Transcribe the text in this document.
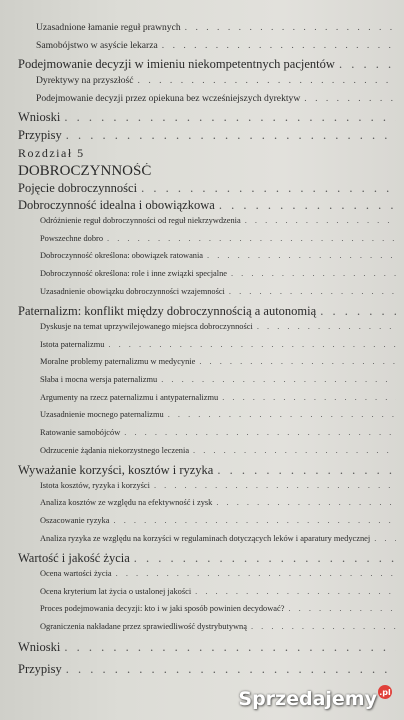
Uzasadnione łamanie reguł prawnych
. . .
Samobójstwo w asyście lekarza
. . .
Podejmowanie decyzji w imieniu niekompetentnych pacjentów
. . .
Dyrektywy na przyszłość
. . .
Podejmowanie decyzji przez opiekuna bez wcześniejszych dyrektyw
. . .
Wnioski
. . .
Przypisy
. . .
Rozdział 5
DOBROCZYNNOŚĆ
Pojęcie dobroczynności
. . .
Dobroczynność idealna i obowiązkowa
. . .
Odróżnienie reguł dobroczynności od reguł niekrzywdzenia
. . .
Powszechne dobro
. . .
Dobroczynność określona: obowiązek ratowania
. . .
Dobroczynność określona: role i inne związki specjalne
. . .
Uzasadnienie obowiązku dobroczynności wzajemności
. . .
Paternalizm: konflikt między dobroczynnością a autonomią
. . .
Dyskusje na temat uprzywilejowanego miejsca dobroczynności
. . .
Istota paternalizmu
. . .
Moralne problemy paternalizmu w medycynie
. . .
Słaba i mocna wersja paternalizmu
. . .
Argumenty na rzecz paternalizmu i antypaternalizmu
. . .
Uzasadnienie mocnego paternalizmu
. . .
Ratowanie samobójców
. . .
Odrzucenie żądania niekorzystnego leczenia
. . .
Wyważanie korzyści, kosztów i ryzyka
. . .
Istota kosztów, ryzyka i korzyści
. . .
Analiza kosztów ze względu na efektywność i zysk
. . .
Oszacowanie ryzyka
. . .
Analiza ryzyka ze względu na korzyści w regulaminach dotyczących leków i aparatury medycznej
. . .
Wartość i jakość życia
. . .
Ocena wartości życia
. . .
Ocena kryterium lat życia o ustalonej jakości
. . .
Proces podejmowania decyzji: kto i w jaki sposób powinien decydować?
. . .
Ograniczenia nakładane przez sprawiedliwość dystrybutywną
. . .
Wnioski
. . .
Przypisy
. . .
Sprzedajemy .pl
